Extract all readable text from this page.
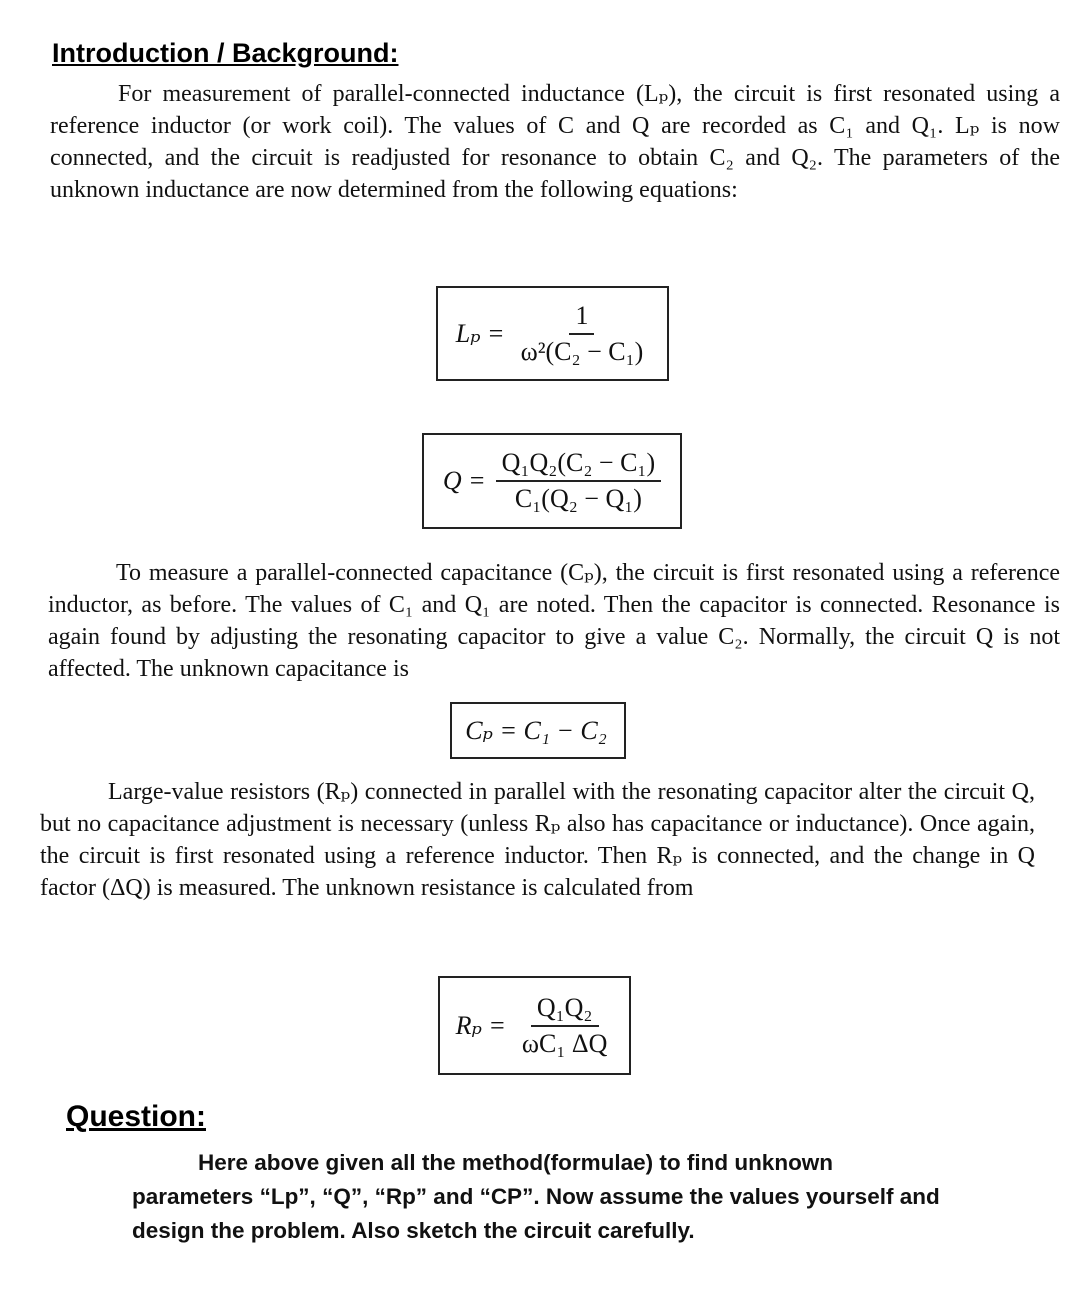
Introduction / Background:

For measurement of parallel-connected inductance (Lₚ), the circuit is first resonated using a reference inductor (or work coil). The values of C and Q are recorded as C₁ and Q₁. Lₚ is now connected, and the circuit is readjusted for resonance to obtain C₂ and Q₂. The parameters of the unknown inductance are now determined from the following equations:

$L_p = \frac{1}{\text{ω²(C₂ − C₁)}}$
$Q = \frac{\text{Q₁Q₂(C₂ − C₁)}}{\text{C₁(Q₂ − Q₁)}}$

To measure a parallel-connected capacitance (Cₚ), the circuit is first resonated using a reference inductor, as before. The values of C₁ and Q₁ are noted. Then the capacitor is connected. Resonance is again found by adjusting the resonating capacitor to give a value C₂. Normally, the circuit Q is not affected. The unknown capacitance is

Cₚ = C₁ − C₂

Large-value resistors (Rₚ) connected in parallel with the resonating capacitor alter the circuit Q, but no capacitance adjustment is necessary (unless Rₚ also has capacitance or inductance). Once again, the circuit is first resonated using a reference inductor. Then Rₚ is connected, and the change in Q factor (ΔQ) is measured. The unknown resistance is calculated from

$R_p = \frac{\text{Q₁Q₂}}{\text{ωC₁ ΔQ}}$
Question:

Here above given all the method(formulae) to find unknown parameters “Lp”, “Q”, “Rp” and “CP”. Now assume the values yourself and design the problem. Also sketch the circuit carefully.
